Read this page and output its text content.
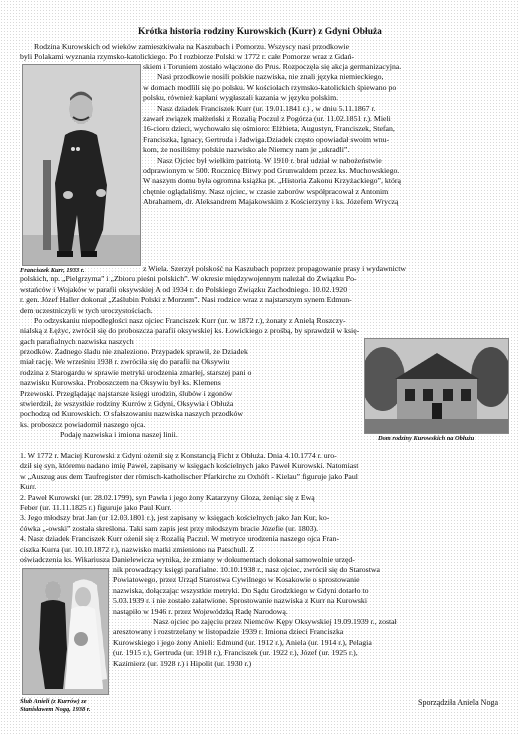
Krótka historia rodziny Kurowskich (Kurr) z Gdyni Obłuża
Rodzina Kurowskich od wieków zamieszkiwała na Kaszubach i Pomorzu. Wszyscy nasi przodkowie
byli Polakami wyznania rzymsko-katolickiego. Po I rozbiorze Polski w 1772 r. całe Pomorze wraz z Gdań-
skiem i Toruniem zostało włączone do Prus. Rozpoczęła się akcja germanizacyjna.
Nasi przodkowie nosili polskie nazwiska, nie znali języka niemieckiego,
w domach modlili się po polsku. W kościołach rzymsko-katolickich śpiewano po
polsku, również kapłani wygłaszali kazania w języku polskim.
Nasz dziadek Franciszek Kurr (ur. 19.01.1841 r.) , w dniu 5.11.1867 r.
zawarł związek małżeński z Rozalią Poczul z Pogórza (ur. 11.02.1851 r.). Mieli
16-cioro dzieci, wychowało się ośmioro: Elżbieta, Augustyn, Franciszek, Stefan,
Franciszka, Ignacy, Gertruda i Jadwiga.Dziadek często opowiadał swoim wnu-
kom, że nosiliśmy polskie nazwisko ale Niemcy nam je „ukradli”.
Nasz Ojciec był wielkim patriotą. W 1910 r. brał udział w nabożeństwie
odprawionym w 500. Rocznicę Bitwy pod Grunwaldem przez ks. Muchowskiego.
W naszym domu była ogromna książka pt. „Historia Zakonu Krzyżackiego”, którą
chętnie oglądaliśmy. Nasz ojciec, w czasie zaborów współpracował z Antonim
Abrahamem, dr. Aleksandrem Majakowskim z Kościerzyny i ks. Józefem Wryczą
Franciszek Kurr, 1933 r.	z Wiela. Szerzył polskość na Kaszubach poprzez propagowanie prasy i wydawnictw
polskich, np. „Pielgrzyma” i „Zbioru pieśni polskich”. W okresie międzywojennym należał do Związku Po-
wstańców i Wojaków w parafii oksywskiej A od 1934 r. do Polskiego Związku Zachodniego. 10.02.1920
r. gen. Józef Haller dokonał „Zaślubin Polski z Morzem”. Nasi rodzice wraz z najstarszym synem Edmun-
dem uczestniczyli w tych uroczystościach.
Po odzyskaniu niepodległości nasz ojciec Franciszek Kurr (ur. w 1872 r.), żonaty z Anielą Roszczy-
nialską z Łężyc, zwrócił się do proboszcza parafii oksywskiej ks. Łowickiego z prośbą, by sprawdził w księ-
gach parafialnych nazwiska naszych
przodków. Żadnego śladu nie znaleziono. Przypadek sprawił, że Dziadek
miał rację. We wrześniu 1938 r. zwróciła się do parafii na Oksywiu
rodzina z Starogardu w sprawie metryki urodzenia zmarłej, starszej pani o
nazwisku Kurowska. Proboszczem na Oksywiu był ks. Klemens
Przewoski. Przeglądając najstarsze księgi urodzin, ślubów i zgonów
stwierdził, że wszystkie rodziny Kurrów z Gdyni, Oksywia i Obłuża
pochodzą od Kurowskich. O sfałszowaniu nazwiska naszych przodków
ks. proboszcz powiadomił naszego ojca.
Podaję nazwiska i imiona naszej linii.	Dom rodziny Kurowskich na Obłużu
1. W 1772 r. Maciej Kurowski z Gdyni ożenił się z Konstancją Ficht z Obłuża. Dnia 4.10.1774 r. uro-
dził się syn, któremu nadano imię Paweł, zapisany w księgach kościelnych jako Paweł Kurowski. Natomiast
w „Auszug aus dem Taufregister der römisch-katholischer Pfarkirche zu Oxhöft - Kielau” figuruje jako Paul
Kurr.
2. Paweł Kurowski (ur. 28.02.1799), syn Pawła i jego żony Katarzyny Gloza, żeniąc się z Ewą
Feber (ur. 11.11.1825 r.) figuruje jako Paul Kurr.
3. Jego młodszy brat Jan (ur 12.03.1801 r.), jest zapisany w księgach kościelnych jako Jan Kur, ko-
ćówka „-owski” została skreślona. Taki sam zapis jest przy młodszym bracie Józefie (ur. 1803).
4. Nasz dziadek Franciszek Kurr ożenił się z Rozalią Paczul. W metryce urodzenia naszego ojca Fran-
ciszka Kurra (ur. 10.10.1872 r.), nazwisko matki zmieniono na Patschull. Z
oświadczenia ks. Wikariusza Danielewicza wynika, że zmiany w dokumentach dokonał samowolnie urzęd-
nik prowadzący księgi parafialne. 10.10.1938 r., nasz ojciec, zwrócił się do Starostwa
Powiatowego, przez Urząd Starostwa Cywilnego w Kosakowie o sprostowanie
nazwiska, dołączając wszystkie metryki. Do Sądu Grodzkiego w Gdyni dotarło to
5.03.1939 r. i nie zostało załatwione. Sprostowanie nazwiska z Kurr na Kurowski
nastąpiło w 1946 r. przez Wojewódzką Radę Narodową.
Nasz ojciec po zajęciu przez Niemców Kępy Oksywskiej 19.09.1939 r., został
aresztowany i rozstrzelany w listopadzie 1939 r. Imiona dzieci Franciszka
Kurowskiego i jego żony Anieli: Edmund (ur. 1912 r.), Aniela (ur. 1914 r.), Pelagia
(ur. 1915 r.), Gertruda (ur. 1918 r.), Franciszek (ur. 1922 r.), Józef (ur. 1925 r.),
Kazimierz (ur. 1928 r.) i Hipolit (ur. 1930 r.)
Sporządziła Aniela Noga
Ślub Anieli (z Kurrów) ze
Stanisławem Nogą, 1938 r.
